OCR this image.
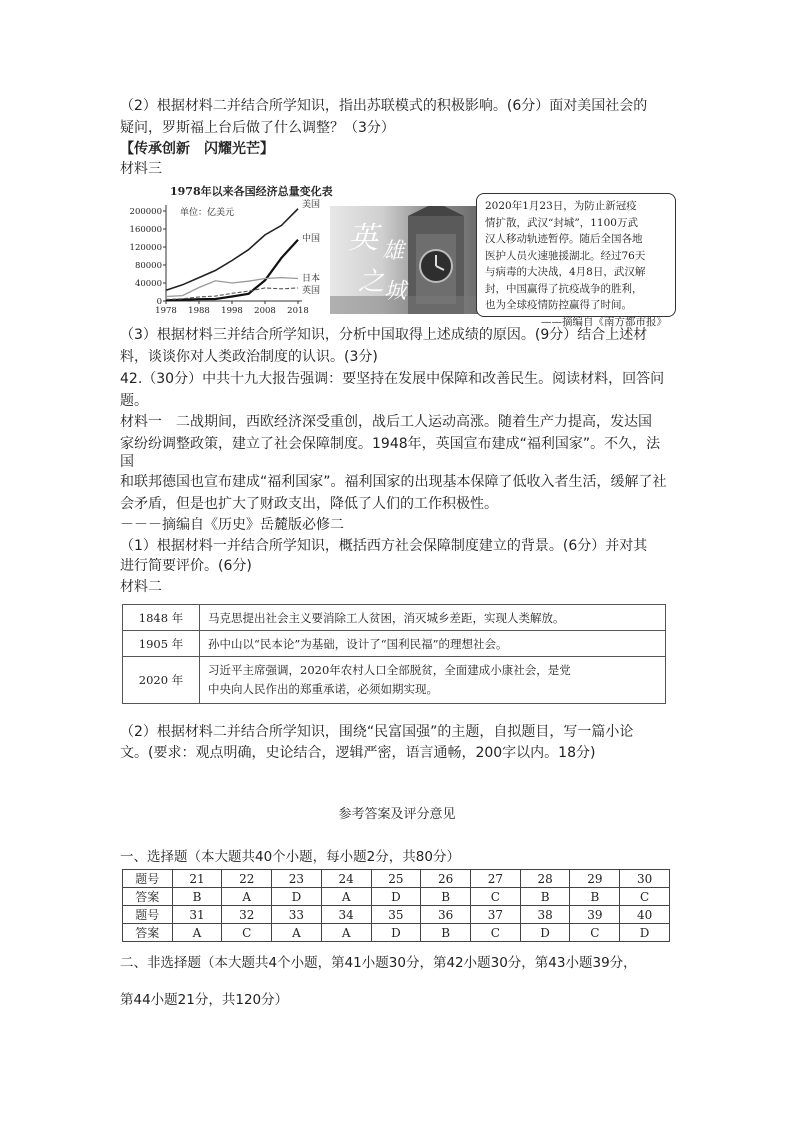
（2）根据材料二并结合所学知识，指出苏联模式的积极影响。(6分）面对美国社会的
疑问，罗斯福上台后做了什么调整？（3分）
【传承创新　闪耀光芒】
材料三
200000
160000
120000
80000
40000
0
1978 1988 1998 2008 2018
单位：亿美元
美国
中国
日本
英国
1978年以来各国经济总量变化表
英 雄
之 城
2020年1月23日，为防止新冠疫
情扩散，武汉“封城”，1100万武
汉人移动轨迹暂停。随后全国各地
医护人员火速驰援湖北。经过76天
与病毒的大决战，4月8日，武汉解
封，中国赢得了抗疫战争的胜利，
也为全球疫情防控赢得了时间。
——摘编自《南方都市报》
（3）根据材料三并结合所学知识，分析中国取得上述成绩的原因。(9分）结合上述材
料，谈谈你对人类政治制度的认识。(3分)
42.（30分）中共十九大报告强调：要坚持在发展中保障和改善民生。阅读材料，回答问
题。
材料一　二战期间，西欧经济深受重创，战后工人运动高涨。随着生产力提高，发达国
家纷纷调整政策，建立了社会保障制度。1948年，英国宣布建成“福利国家”。不久，法
国
和联邦德国也宣布建成“福利国家”。福利国家的出现基本保障了低收入者生活，缓解了社
会矛盾，但是也扩大了财政支出，降低了人们的工作积极性。
－－－摘编自《历史》岳麓版必修二
（1）根据材料一并结合所学知识，概括西方社会保障制度建立的背景。(6分）并对其
进行简要评价。(6分)
材料二
1848 年	马克思提出社会主义要消除工人贫困，消灭城乡差距，实现人类解放。
1905 年	孙中山以“民本论”为基础，设计了“国利民福”的理想社会。
2020 年	习近平主席强调，2020年农村人口全部脱贫，全面建成小康社会，是党
中央向人民作出的郑重承诺，必须如期实现。
（2）根据材料二并结合所学知识，围绕“民富国强”的主题，自拟题目，写一篇小论
文。(要求：观点明确，史论结合，逻辑严密，语言通畅，200字以内。18分)
参考答案及评分意见
一、选择题（本大题共40个小题，每小题2分，共80分）
题号	21	22	23	24	25	26	27	28	29	30
答案	B	A	D	A	D	B	C	B	B	C
题号	31	32	33	34	35	36	37	38	39	40
答案	A	C	A	A	D	B	C	D	C	D
二、非选择题（本大题共4个小题，第41小题30分，第42小题30分，第43小题39分，
第44小题21分，共120分）
